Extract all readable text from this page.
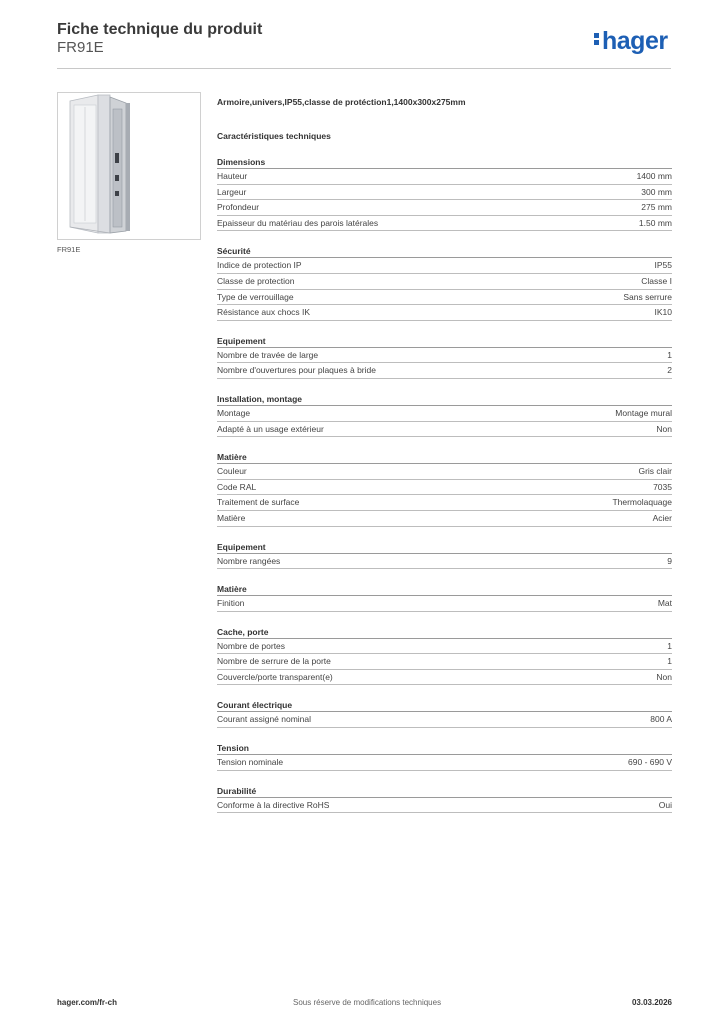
Fiche technique du produit
FR91E	hager
FR91E
Armoire,univers,IP55,classe de protéction1,1400x300x275mm
Caractéristiques techniques
Dimensions
Hauteur	1400 mm
Largeur	300 mm
Profondeur	275 mm
Epaisseur du matériau des parois latérales	1.50 mm
Sécurité
Indice de protection IP	IP55
Classe de protection	Classe I
Type de verrouillage	Sans serrure
Résistance aux chocs IK	IK10
Equipement
Nombre de travée de large	1
Nombre d'ouvertures pour plaques à bride	2
Installation, montage
Montage	Montage mural
Adapté à un usage extérieur	Non
Matière
Couleur	Gris clair
Code RAL	7035
Traitement de surface	Thermolaquage
Matière	Acier
Equipement
Nombre rangées	9
Matière
Finition	Mat
Cache, porte
Nombre de portes	1
Nombre de serrure de la porte	1
Couvercle/porte transparent(e)	Non
Courant électrique
Courant assigné nominal	800 A
Tension
Tension nominale	690 - 690 V
Durabilité
Conforme à la directive RoHS	Oui
hager.com/fr-ch	Sous réserve de modifications techniques	03.03.2026
